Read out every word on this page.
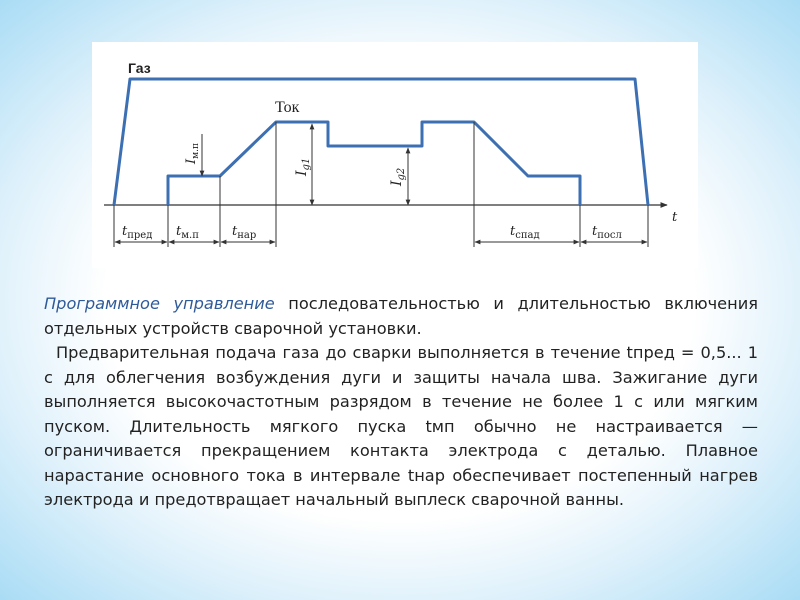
t
Газ
Ток
$I_{м.п}$
$I_{g1}$
$I_{g2}$
$t_{пред}$ $t_{м.п}$	$t_{нар}$	$t_{спад}$	$t_{посл}$

Программное управление последовательностью и длительностью включения отдельных устройств сварочной установки.

Предварительная подача газа до сварки выполняется в течение tпред = 0,5... 1 с для облегчения возбуждения дуги и защиты начала шва. Зажигание дуги выполняется высокочастотным разрядом в течение не более 1 с или мягким пуском. Длительность мягкого пуска tмп обычно не настраивается — ограничивается прекращением контакта электрода с деталью. Плавное нарастание основного тока в интервале tнар обеспечивает постепенный нагрев электрода и предотвращает начальный выплеск сварочной ванны.
